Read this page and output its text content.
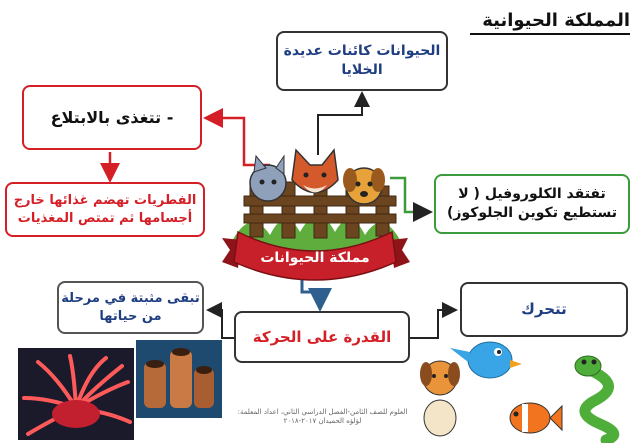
المملكة الحيوانية
مملكة الحيوانات
الحيوانات كائنات عديدة الخلايا
- تتغذى بالابتلاع
الفطريات تهضم غذائها خارج أجسامها ثم تمتص المغذيات
تفتقد الكلوروفيل ( لا تستطيع تكوين الجلوكوز)
تبقى مثبتة في مرحلة من حياتها
القدرة على الحركة
تتحرك
العلوم للصف الثامن-الفصل الدراسي الثاني، اعداد المعلمة:
لؤلؤه الحميدان ٢٠١٧-٢٠١٨
